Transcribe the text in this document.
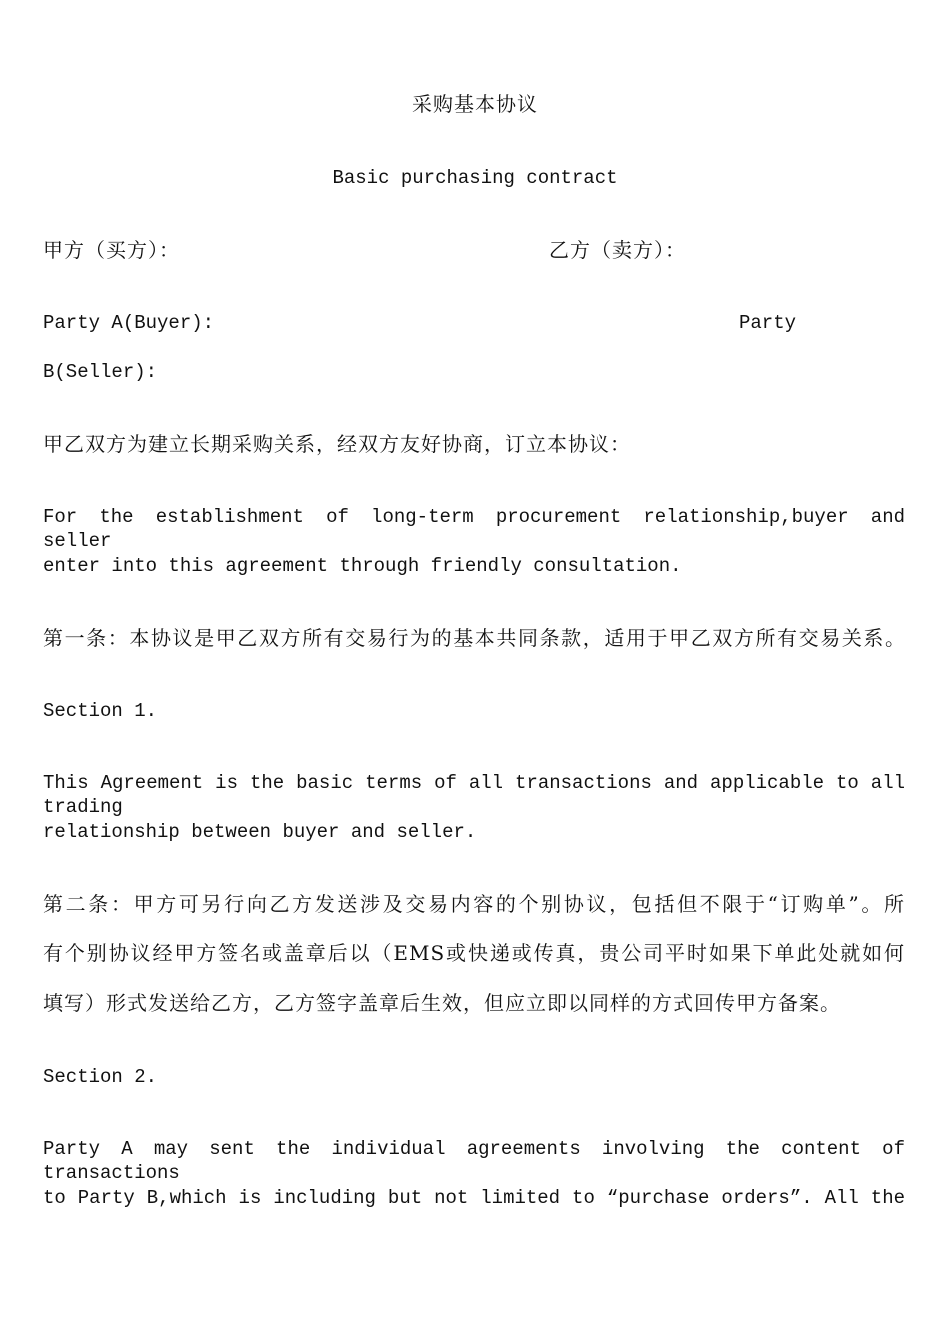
采购基本协议
Basic purchasing contract
甲方（买方）：	乙方（卖方）：
Party A(Buyer):	Party
B(Seller):
甲乙双方为建立长期采购关系，经双方友好协商，订立本协议：
For the establishment of long-term procurement relationship,buyer and seller
enter into this agreement through friendly consultation.
第一条：本协议是甲乙双方所有交易行为的基本共同条款，适用于甲乙双方所有交易关系。
Section 1.
This Agreement is the basic terms of all transactions and applicable to all trading
relationship between buyer and seller.
第二条：甲方可另行向乙方发送涉及交易内容的个别协议，包括但不限于“订购单”。所
有个别协议经甲方签名或盖章后以（EMS或快递或传真，贵公司平时如果下单此处就如何
填写）形式发送给乙方，乙方签字盖章后生效，但应立即以同样的方式回传甲方备案。
Section 2.
Party A may sent the individual agreements involving the content of transactions
to Party B,which is including but not limited to “purchase orders”. All the
